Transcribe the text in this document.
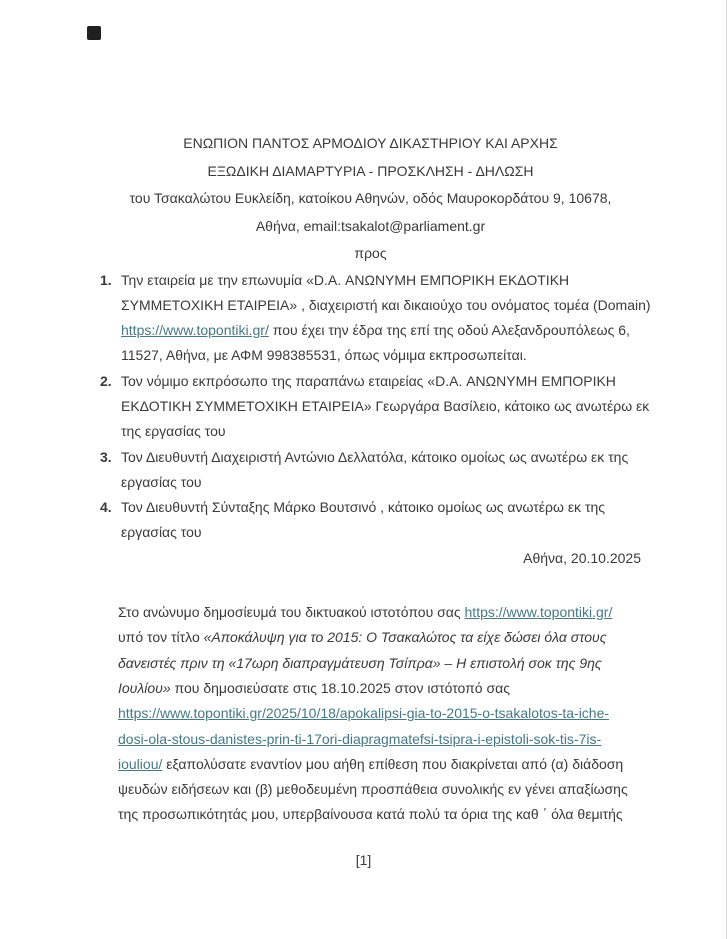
ΕΝΩΠΙΟΝ ΠΑΝΤΟΣ ΑΡΜΟΔΙΟΥ ΔΙΚΑΣΤΗΡΙΟΥ ΚΑΙ ΑΡΧΗΣ
ΕΞΩΔΙΚΗ ΔΙΑΜΑΡΤΥΡΙΑ - ΠΡΟΣΚΛΗΣΗ - ΔΗΛΩΣΗ
του Τσακαλώτου Ευκλείδη, κατοίκου Αθηνών, οδός Μαυροκορδάτου 9, 10678,
Αθήνα, email:tsakalot@parliament.gr
προς
1. Την εταιρεία με την επωνυμία «D.A. ΑΝΩΝΥΜΗ ΕΜΠΟΡΙΚΗ ΕΚΔΟΤΙΚΗ
ΣΥΜΜΕΤΟΧΙΚΗ ΕΤΑΙΡΕΙΑ» , διαχειριστή και δικαιούχο του ονόματος τομέα (Domain)
https://www.topontiki.gr/ που έχει την έδρα της επί της οδού Αλεξανδρουπόλεως 6,
11527, Αθήνα, με ΑΦΜ 998385531, όπως νόμιμα εκπροσωπείται.
2. Τον νόμιμο εκπρόσωπο της παραπάνω εταιρείας «D.A. ΑΝΩΝΥΜΗ ΕΜΠΟΡΙΚΗ
ΕΚΔΟΤΙΚΗ ΣΥΜΜΕΤΟΧΙΚΗ ΕΤΑΙΡΕΙΑ» Γεωργάρα Βασίλειο, κάτοικο ως ανωτέρω εκ
της εργασίας του
3. Τον Διευθυντή Διαχειριστή Αντώνιο Δελλατόλα, κάτοικο ομοίως ως ανωτέρω εκ της
εργασίας του
4. Τον Διευθυντή Σύνταξης Μάρκο Βουτσινό , κάτοικο ομοίως ως ανωτέρω εκ της
εργασίας του
Αθήνα, 20.10.2025
Στο ανώνυμο δημοσίευμά του δικτυακού ιστοτόπου σας https://www.topontiki.gr/
υπό τον τίτλο «Αποκάλυψη για το 2015: Ο Τσακαλώτος τα είχε δώσει όλα στους
δανειστές πριν τη «17ωρη διαπραγμάτευση Τσίπρα» – Η επιστολή σοκ της 9ης
Ιουλίου» που δημοσιεύσατε στις 18.10.2025 στον ιστότοπό σας
https://www.topontiki.gr/2025/10/18/apokalipsi-gia-to-2015-o-tsakalotos-ta-iche-
dosi-ola-stous-danistes-prin-ti-17ori-diapragmatefsi-tsipra-i-epistoli-sok-tis-7is-
iouliou/ εξαπολύσατε εναντίον μου αήθη επίθεση που διακρίνεται από (α) διάδοση
ψευδών ειδήσεων και (β) μεθοδευμένη προσπάθεια συνολικής εν γένει απαξίωσης
της προσωπικότητάς μου, υπερβαίνουσα κατά πολύ τα όρια της καθ ΄ όλα θεμιτής
[1]
